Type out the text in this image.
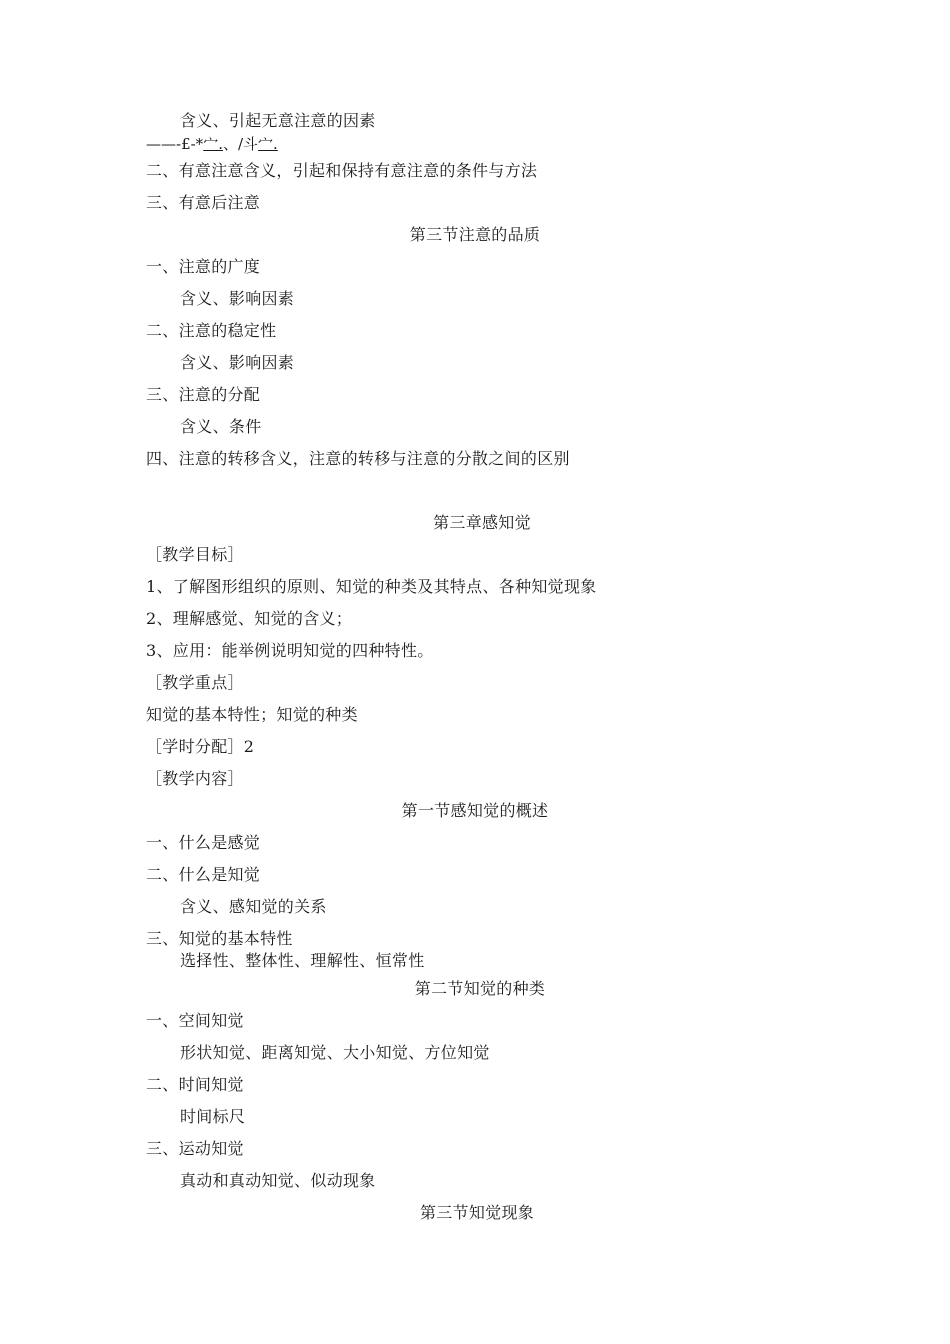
含义、引起无意注意的因素
——-£-*宀.、/斗宀.
二、有意注意含义，引起和保持有意注意的条件与方法
三、有意后注意
第三节注意的品质
一、注意的广度
含义、影响因素
二、注意的稳定性
含义、影响因素
三、注意的分配
含义、条件
四、注意的转移含义，注意的转移与注意的分散之间的区别
第三章感知觉
［教学目标］
1、了解图形组织的原则、知觉的种类及其特点、各种知觉现象
2、理解感觉、知觉的含义；
3、应用：能举例说明知觉的四种特性。
［教学重点］
知觉的基本特性；知觉的种类
［学时分配］2
［教学内容］
第一节感知觉的概述
一、什么是感觉
二、什么是知觉
含义、感知觉的关系
三、知觉的基本特性
选择性、整体性、理解性、恒常性
第二节知觉的种类
一、空间知觉
形状知觉、距离知觉、大小知觉、方位知觉
二、时间知觉
时间标尺
三、运动知觉
真动和真动知觉、似动现象
第三节知觉现象
